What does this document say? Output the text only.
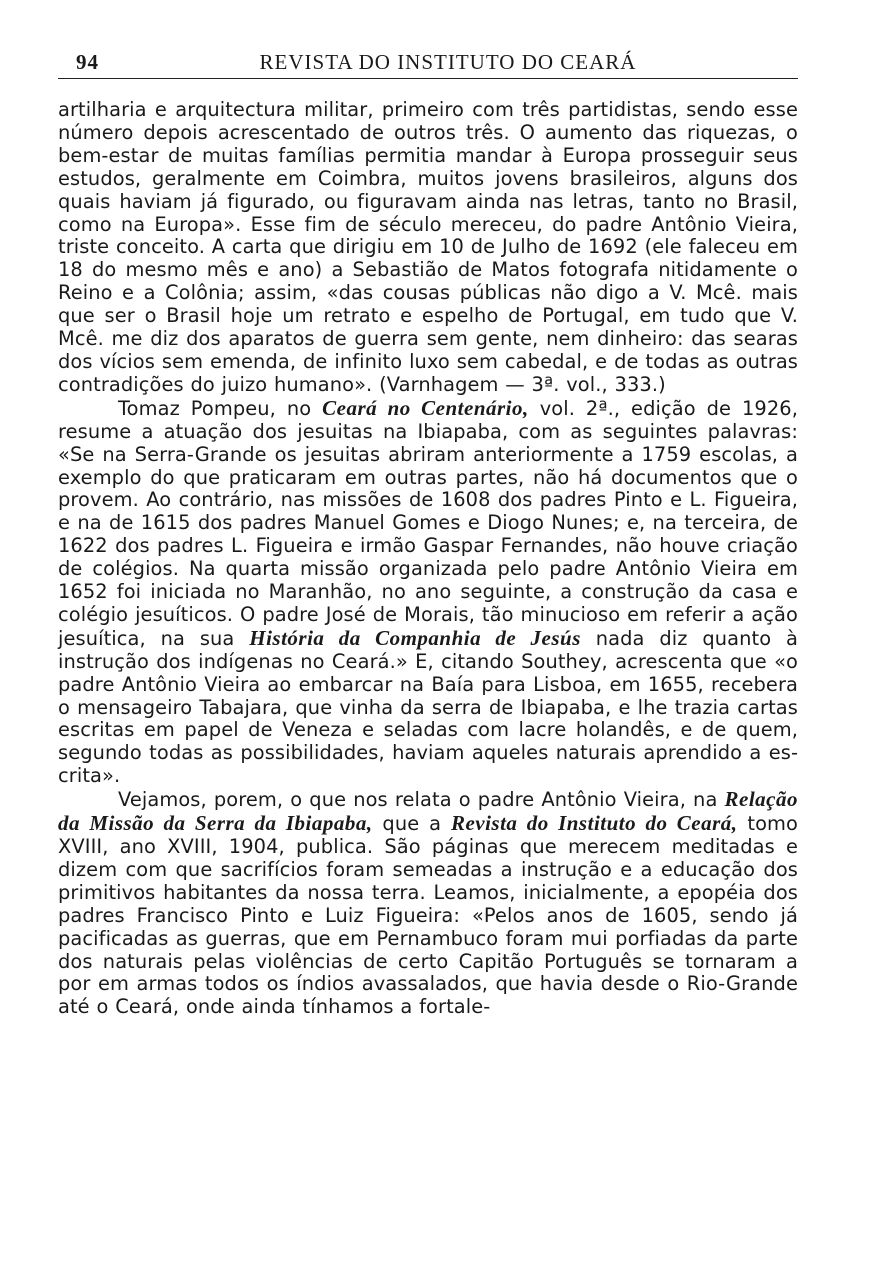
94	REVISTA DO INSTITUTO DO CEARÁ

artilharia e arquitectura militar, primeiro com três partidistas, sendo esse número depois acrescentado de outros três. O aumento das riquezas, o bem-estar de muitas famílias permitia mandar à Europa prosseguir seus estudos, geralmente em Coimbra, muitos jovens brasileiros, alguns dos quais haviam já figurado, ou figuravam ainda nas letras, tanto no Brasil, como na Europa». Esse fim de século mereceu, do padre Antônio Vieira, triste conceito. A carta que dirigiu em 10 de Julho de 1692 (ele faleceu em 18 do mesmo mês e ano) a Sebastião de Matos fotografa nitidamente o Reino e a Colônia; assim, «das cousas públicas não digo a V. Mcê. mais que ser o Brasil hoje um retrato e espelho de Portugal, em tudo que V. Mcê. me diz dos aparatos de guerra sem gente, nem dinheiro: das searas dos vícios sem emenda, de infinito luxo sem cabedal, e de todas as outras contradições do juizo humano». (Varnhagem — 3ª. vol., 333.)

Tomaz Pompeu, no Ceará no Centenário, vol. 2ª., edição de 1926, resume a atuação dos jesuitas na Ibiapaba, com as seguintes palavras: «Se na Serra-Grande os jesuitas abriram anteriormente a 1759 escolas, a exemplo do que praticaram em outras partes, não há documentos que o provem. Ao contrário, nas missões de 1608 dos padres Pinto e L. Figueira, e na de 1615 dos padres Manuel Gomes e Diogo Nunes; e, na terceira, de 1622 dos padres L. Figueira e irmão Gaspar Fernandes, não houve criação de colégios. Na quarta missão organizada pelo padre Antônio Vieira em 1652 foi iniciada no Maranhão, no ano seguinte, a construção da casa e colégio jesuíticos. O padre José de Morais, tão minucioso em referir a ação jesuítica, na sua História da Companhia de Jesús nada diz quanto à instrução dos indígenas no Ceará.» E, citando Southey, acrescenta que «o padre Antônio Vieira ao embarcar na Baía para Lisboa, em 1655, recebera o mensageiro Tabajara, que vinha da serra de Ibiapaba, e lhe trazia cartas escritas em papel de Veneza e seladas com lacre holandês, e de quem, segundo todas as possibilidades, haviam aqueles naturais aprendido a escrita».

Vejamos, porem, o que nos relata o padre Antônio Vieira, na Relação da Missão da Serra da Ibiapaba, que a Revista do Instituto do Ceará, tomo XVIII, ano XVIII, 1904, publica. São páginas que merecem meditadas e dizem com que sacrifícios foram semeadas a instrução e a educação dos primitivos habitantes da nossa terra. Leamos, inicialmente, a epopéia dos padres Francisco Pinto e Luiz Figueira: «Pelos anos de 1605, sendo já pacificadas as guerras, que em Pernambuco foram mui porfiadas da parte dos naturais pelas violências de certo Capitão Português se tornaram a por em armas todos os índios avassalados, que havia desde o Rio-Grande até o Ceará, onde ainda tínhamos a fortale-
